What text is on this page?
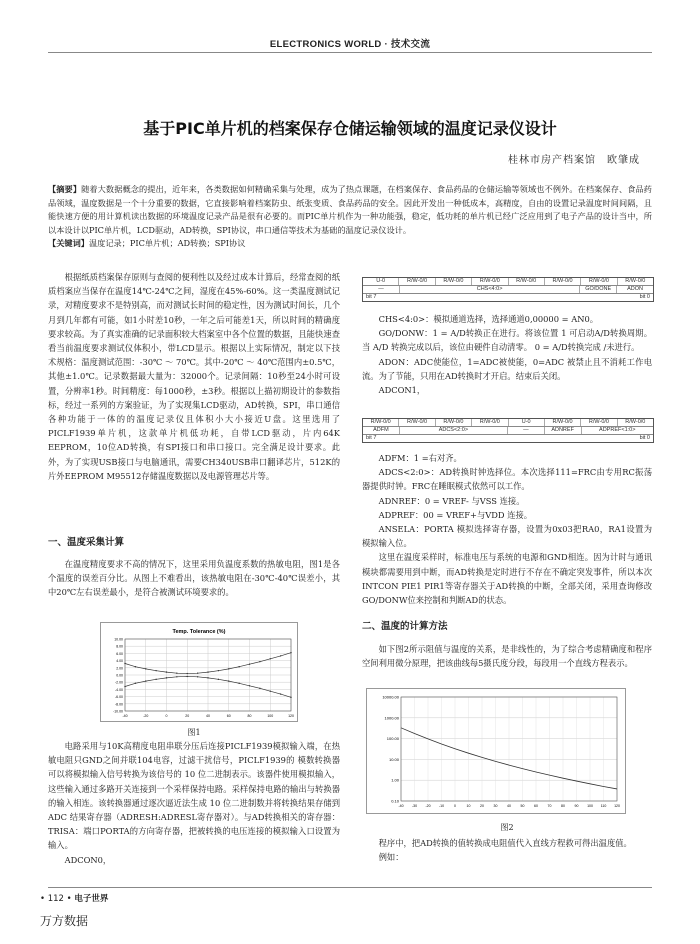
ELECTRONICS WORLD · 技术交流
基于PIC单片机的档案保存仓储运输领域的温度记录仪设计
桂林市房产档案馆　欧肇成
【摘要】随着大数据概念的提出，近年来，各类数据如何精确采集与处理，成为了热点课题，在档案保存、食品药品的仓储运输等领域也不例外。在档案保存、食品药品领域，温度数据是一个十分重要的数据，它直接影响着档案防虫、纸张变质、食品药品的安全。因此开发出一种低成本，高精度，自由的设置记录温度时间间隔，且能快速方便的用计算机读出数据的环境温度记录产品是很有必要的。而PIC单片机作为一种功能强，稳定，低功耗的单片机已经广泛应用到了电子产品的设计当中，所以本设计以PIC单片机，LCD驱动，AD转换，SPI协议，串口通信等技术为基础的温度记录仪设计。
【关键词】温度记录；PIC单片机；AD转换；SPI协议

根据纸质档案保存原则与查阅的便利性以及经过成本计算后，经常查阅的纸质档案应当保存在温度14℃-24℃之间，湿度在45%-60%。这一类温度测试记录，对精度要求不是特别高，而对测试长时间的稳定性，因为测试时间长，几个月到几年都有可能，如1小时差10秒，一年之后可能差1天，所以时间的精确度要求较高。为了真实准确的记录面积较大档案室中各个位置的数据，且能快速查看当前温度要求测试仪体积小，带LCD显示。根据以上实际情况，制定以下技术规格：温度测试范围：-30℃ ～ 70℃。其中-20℃ ～ 40℃范围内±0.5℃，其他±1.0℃。记录数据最大量为：32000个。记录间隔：10秒至24小时可设置，分辨率1秒。时间精度：每1000秒，±3秒。根据以上描初期设计的参数指标，经过一系列的方案验证，为了实现集LCD驱动，AD转换，SPI，串口通信各种功能于一体的的温度记录仪且体积小大小接近U盘。这里选用了PICLF1939单片机，这款单片机低功耗，自带LCD驱动，片内64K EEPROM，10位AD转换，有SPI接口和串口接口。完全满足设计要求。此外，为了实现USB接口与电脑通讯，需要CH340USB串口翻译芯片，512K的片外EEPROM M95512存储温度数据以及电源管理芯片等。

一、温度采集计算

在温度精度要求不高的情况下，这里采用负温度系数的热敏电阻，图1是各个温度的误差百分比。从图上不难看出，该热敏电阻在-30℃-40℃误差小，其中20℃左右误差最小，是符合被测试环境要求的。

Temp. Tolerance (%)
10.00
8.00
6.00
4.00
2.00
0.00
-2.00
-4.00
-6.00
-8.00
-10.00
-40	-20	0	20	40	60	80	100	120
图1

电路采用与10K高精度电阻串联分压后连接PICLF1939模拟输入端，在热敏电阻只GND之间并联104电容，过滤干扰信号，PICLF1939的 模数转换器可以将模拟输入信号转换为该信号的 10 位二进制表示。该器件使用模拟输入，这些输入通过多路开关连接到一个采样保持电路。采样保持电路的输出与转换器的输入相连。该转换器通过逐次逼近法生成 10 位二进制数并将转换结果存储到ADC 结果寄存器（ADRESH:ADRESL寄存器对）。与AD转换相关的寄存器：TRISA：端口PORTA的方向寄存器，把被转换的电压连接的模拟输入口设置为输入。

ADCON0，

U-0	R/W-0/0	R/W-0/0	R/W-0/0	R/W-0/0	R/W-0/0	R/W-0/0	R/W-0/0
—	CHS<4:0>	GO/DONE	ADON
bit 7	bit 0

CHS<4:0>：模拟通道选择，选择通道0,00000 = AN0。

GO/DONW：1 = A/D转换正在进行。将该位置 1 可启动A/D转换周期。 当 A/D 转换完成以后，该位由硬件自动清零。 0 = A/D转换完成 /未进行。

ADON：ADC使能位，1=ADC被使能，0=ADC 被禁止且不消耗工作电流。为了节能，只用在AD转换时才开启。结束后关闭。

ADCON1，

R/W-0/0	R/W-0/0	R/W-0/0	R/W-0/0	U-0	R/W-0/0	R/W-0/0	R/W-0/0
ADFM	ADCS<2:0>	—	ADNREF	ADPREF<1:0>
bit 7	bit 0

ADFM：1 =右对齐。

ADCS<2:0>：AD转换时钟选择位。本次选择111=FRC由专用RC振荡器提供时钟。FRC在睡眠模式依然可以工作。

ADNREF：0 = VREF- 与VSS 连接。

ADPREF：00 = VREF+与VDD 连接。

ANSELA：PORTA 模拟选择寄存器，设置为0x03把RA0，RA1设置为模拟输入位。

这里在温度采样时，标准电压与系统的电源和GND相连。因为计时与通讯模块都需要用到中断，而AD转换是定时进行不存在不确定突发事件，所以本次INTCON PIE1 PIR1等寄存器关于AD转换的中断，全部关闭，采用查询修改GO/DONW位来控制和判断AD的状态。

二、温度的计算方法

如下图2所示阻值与温度的关系，是非线性的，为了综合考虑精确度和程序空间利用微分原理，把该曲线每5摄氏度分段，每段用一个直线方程表示。

10000.00
1000.00
100.00
10.00
1.00
0.10
-40 -30 -20 -10	0	10	20	30	40	50	60	70	80	90 100 110 120
图2

程序中，把AD转换的值转换成电阻值代入直线方程救可得出温度值。

例如：

• 112 • 电子世界
万方数据
